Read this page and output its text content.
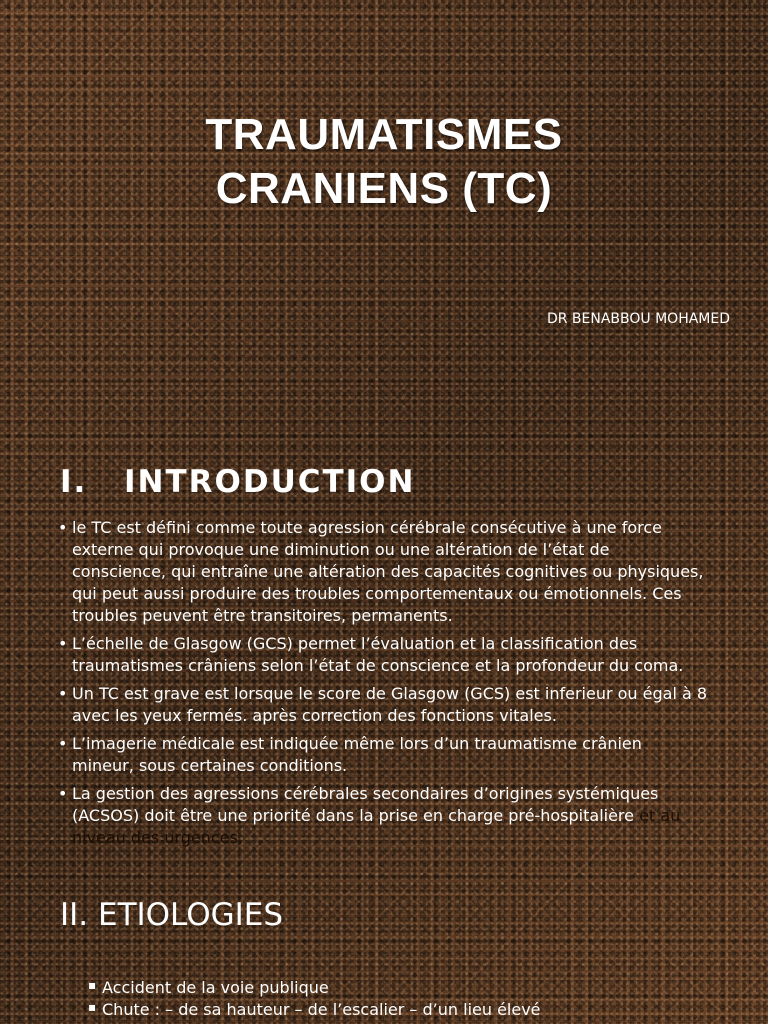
TRAUMATISMES
CRANIENS (TC)
DR BENABBOU MOHAMED
I. INTRODUCTION
• le TC est défini comme toute agression cérébrale consécutive à une force externe qui provoque une diminution ou une altération de l’état de conscience, qui entraîne une altération des capacités cognitives ou physiques, qui peut aussi produire des troubles comportementaux ou émotionnels. Ces troubles peuvent être transitoires, permanents.
• L’échelle de Glasgow (GCS) permet l’évaluation et la classification des traumatismes crâniens selon l’état de conscience et la profondeur du coma.
• Un TC est grave est lorsque le score de Glasgow (GCS) est inferieur ou égal à 8 avec les yeux fermés. après correction des fonctions vitales.
• L’imagerie médicale est indiquée même lors d’un traumatisme crânien mineur, sous certaines conditions.
• La gestion des agressions cérébrales secondaires d’origines systémiques (ACSOS) doit être une priorité dans la prise en charge pré-hospitalière et au niveau des urgences.
II. ETIOLOGIES
▪ Accident de la voie publique
▪ Chute : – de sa hauteur – de l’escalier – d’un lieu élevé
